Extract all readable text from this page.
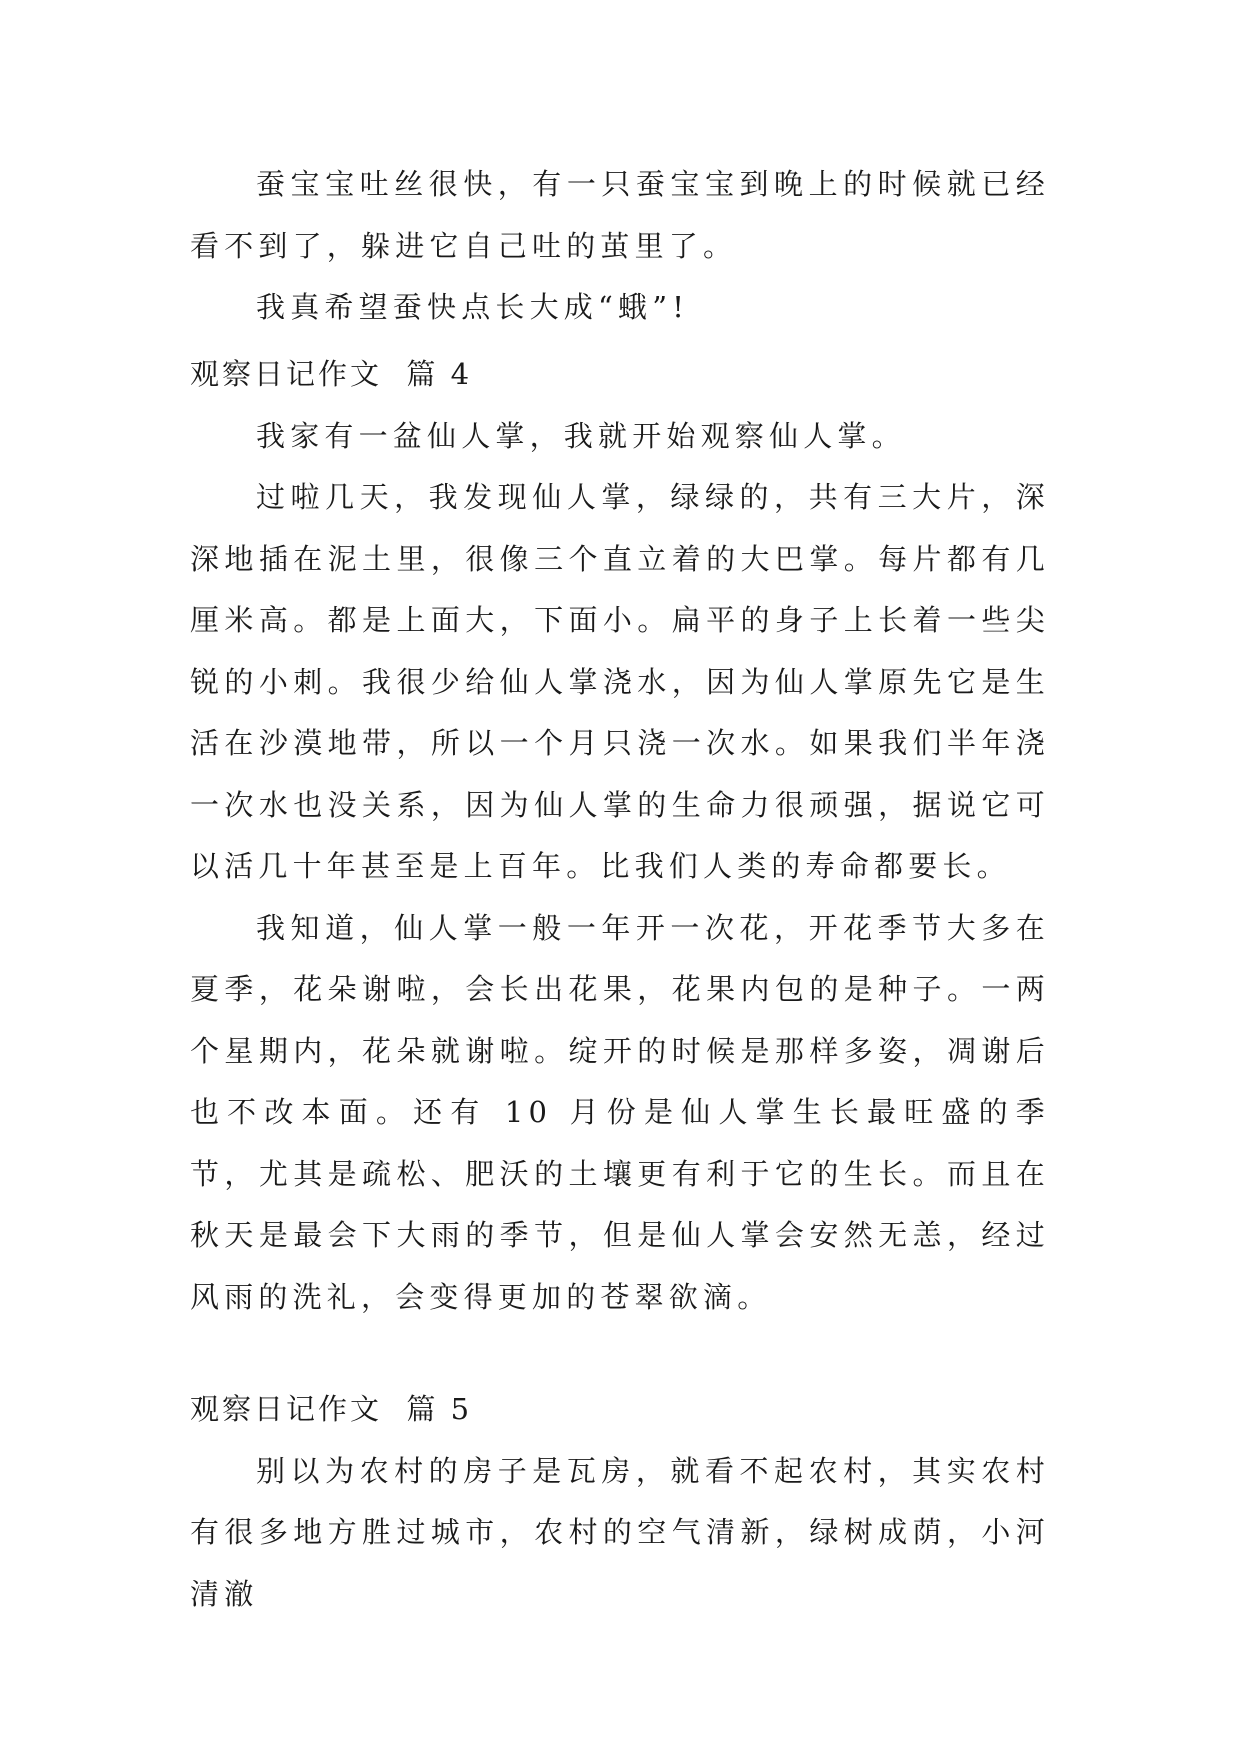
蚕宝宝吐丝很快，有一只蚕宝宝到晚上的时候就已经看不到了，躲进它自己吐的茧里了。

我真希望蚕快点长大成“蛾”!

观察日记作文  篇 4

我家有一盆仙人掌，我就开始观察仙人掌。

过啦几天，我发现仙人掌，绿绿的，共有三大片，深深地插在泥土里，很像三个直立着的大巴掌。每片都有几厘米高。都是上面大，下面小。扁平的身子上长着一些尖锐的小刺。我很少给仙人掌浇水，因为仙人掌原先它是生活在沙漠地带，所以一个月只浇一次水。如果我们半年浇一次水也没关系，因为仙人掌的生命力很顽强，据说它可以活几十年甚至是上百年。比我们人类的寿命都要长。

我知道，仙人掌一般一年开一次花，开花季节大多在夏季，花朵谢啦，会长出花果，花果内包的是种子。一两个星期内，花朵就谢啦。绽开的时候是那样多姿，凋谢后也不改本面。还有 10 月份是仙人掌生长最旺盛的季节，尤其是疏松、肥沃的土壤更有利于它的生长。而且在秋天是最会下大雨的季节，但是仙人掌会安然无恙，经过风雨的洗礼，会变得更加的苍翠欲滴。

观察日记作文  篇 5

别以为农村的房子是瓦房，就看不起农村，其实农村有很多地方胜过城市，农村的空气清新，绿树成荫，小河清澈
